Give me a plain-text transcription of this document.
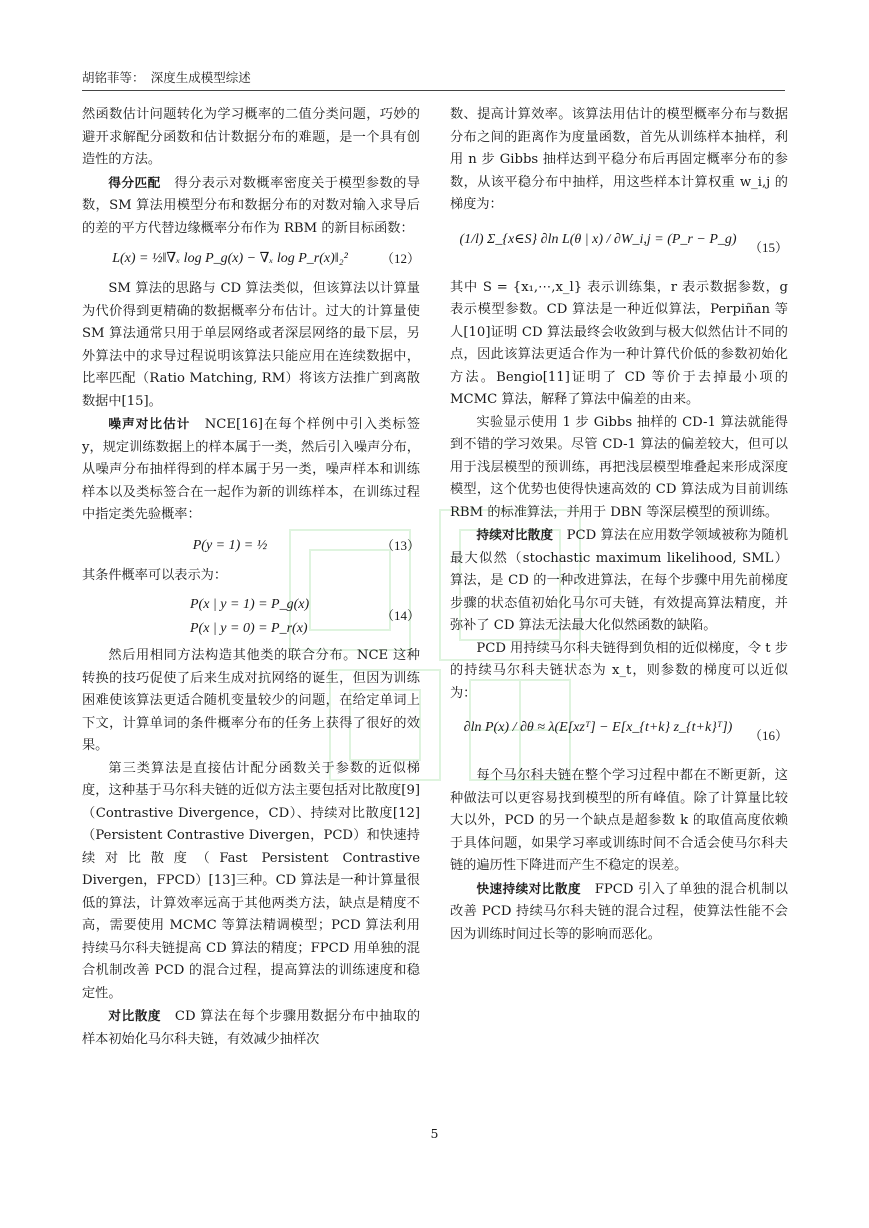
胡铭菲等：　深度生成模型综述

然函数估计问题转化为学习概率的二值分类问题，巧妙的避开求解配分函数和估计数据分布的难题，是一个具有创造性的方法。

得分匹配　得分表示对数概率密度关于模型参数的导数，SM 算法用模型分布和数据分布的对数对输入求导后的差的平方代替边缘概率分布作为 RBM 的新目标函数：

L(x) = ½‖∇ₓ log P_g(x) − ∇ₓ log P_r(x)‖₂²	（12）

SM 算法的思路与 CD 算法类似，但该算法以计算量为代价得到更精确的数据概率分布估计。过大的计算量使 SM 算法通常只用于单层网络或者深层网络的最下层，另外算法中的求导过程说明该算法只能应用在连续数据中，比率匹配（Ratio Matching, RM）将该方法推广到离散数据中[15]。

噪声对比估计　NCE[16]在每个样例中引入类标签 y，规定训练数据上的样本属于一类，然后引入噪声分布，从噪声分布抽样得到的样本属于另一类，噪声样本和训练样本以及类标签合在一起作为新的训练样本，在训练过程中指定类先验概率：

P(y = 1) = ½	（13）

其条件概率可以表示为：

P(x | y = 1) = P_g(x)
P(x | y = 0) = P_r(x)
（14）

然后用相同方法构造其他类的联合分布。NCE 这种转换的技巧促使了后来生成对抗网络的诞生，但因为训练困难使该算法更适合随机变量较少的问题，在给定单词上下文，计算单词的条件概率分布的任务上获得了很好的效果。

第三类算法是直接估计配分函数关于参数的近似梯度，这种基于马尔科夫链的近似方法主要包括对比散度[9]（Contrastive Divergence，CD）、持续对比散度[12]（Persistent Contrastive Divergen，PCD）和快速持续对比散度（Fast Persistent Contrastive Divergen，FPCD）[13]三种。CD 算法是一种计算量很低的算法，计算效率远高于其他两类方法，缺点是精度不高，需要使用 MCMC 等算法精调模型；PCD 算法利用持续马尔科夫链提高 CD 算法的精度；FPCD 用单独的混合机制改善 PCD 的混合过程，提高算法的训练速度和稳定性。

对比散度　CD 算法在每个步骤用数据分布中抽取的样本初始化马尔科夫链，有效减少抽样次

数、提高计算效率。该算法用估计的模型概率分布与数据分布之间的距离作为度量函数，首先从训练样本抽样，利用 n 步 Gibbs 抽样达到平稳分布后再固定概率分布的参数，从该平稳分布中抽样，用这些样本计算权重 w_i,j 的梯度为：

(1/l) Σ_{x∈S} ∂ln L(θ | x) / ∂W_i,j = (P_r − P_g)
（15）

其中 S = {x₁,⋯,x_l} 表示训练集，r 表示数据参数，g 表示模型参数。CD 算法是一种近似算法，Perpiñan 等人[10]证明 CD 算法最终会收敛到与极大似然估计不同的点，因此该算法更适合作为一种计算代价低的参数初始化方法。Bengio[11]证明了 CD 等价于去掉最小项的 MCMC 算法，解释了算法中偏差的由来。

实验显示使用 1 步 Gibbs 抽样的 CD-1 算法就能得到不错的学习效果。尽管 CD-1 算法的偏差较大，但可以用于浅层模型的预训练，再把浅层模型堆叠起来形成深度模型，这个优势也使得快速高效的 CD 算法成为目前训练 RBM 的标准算法，并用于 DBN 等深层模型的预训练。

持续对比散度　PCD 算法在应用数学领域被称为随机最大似然（stochastic maximum likelihood, SML）算法，是 CD 的一种改进算法，在每个步骤中用先前梯度步骤的状态值初始化马尔可夫链，有效提高算法精度，并弥补了 CD 算法无法最大化似然函数的缺陷。

PCD 用持续马尔科夫链得到负相的近似梯度，令 t 步的持续马尔科夫链状态为 x_t，则参数的梯度可以近似为：

∂ln P(x) / ∂θ ≈ λ(E[xzᵀ] − E[x_{t+k} z_{t+k}ᵀ])
（16）

每个马尔科夫链在整个学习过程中都在不断更新，这种做法可以更容易找到模型的所有峰值。除了计算量比较大以外，PCD 的另一个缺点是超参数 k 的取值高度依赖于具体问题，如果学习率或训练时间不合适会使马尔科夫链的遍历性下降进而产生不稳定的误差。

快速持续对比散度　FPCD 引入了单独的混合机制以改善 PCD 持续马尔科夫链的混合过程，使算法性能不会因为训练时间过长等的影响而恶化。

5
